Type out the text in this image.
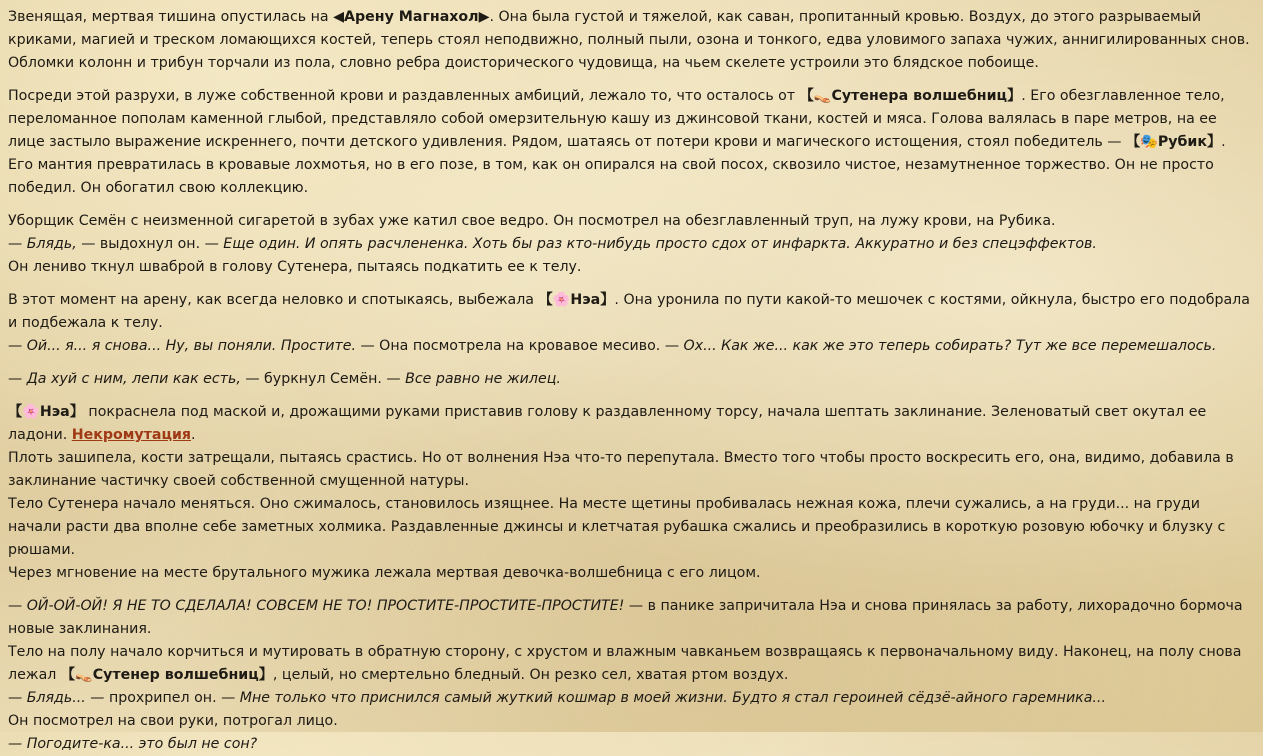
Звенящая, мертвая тишина опустилась на ◀Арену Магнахол▶. Она была густой и тяжелой, как саван, пропитанный кровью. Воздух, до этого разрываемый криками, магией и треском ломающихся костей, теперь стоял неподвижно, полный пыли, озона и тонкого, едва уловимого запаха чужих, аннигилированных снов. Обломки колонн и трибун торчали из пола, словно ребра доисторического чудовища, на чьем скелете устроили это блядское побоище.

Посреди этой разрухи, в луже собственной крови и раздавленных амбиций, лежало то, что осталось от 【👡Сутенера волшебниц】. Его обезглавленное тело, переломанное пополам каменной глыбой, представляло собой омерзительную кашу из джинсовой ткани, костей и мяса. Голова валялась в паре метров, на ее лице застыло выражение искреннего, почти детского удивления. Рядом, шатаясь от потери крови и магического истощения, стоял победитель — 【🎭Рубик】. Его мантия превратилась в кровавые лохмотья, но в его позе, в том, как он опирался на свой посох, сквозило чистое, незамутненное торжество. Он не просто победил. Он обогатил свою коллекцию.

Уборщик Семён с неизменной сигаретой в зубах уже катил свое ведро. Он посмотрел на обезглавленный труп, на лужу крови, на Рубика.
— Блядь, — выдохнул он. — Еще один. И опять расчлененка. Хоть бы раз кто-нибудь просто сдох от инфаркта. Аккуратно и без спецэффектов.
Он лениво ткнул шваброй в голову Сутенера, пытаясь подкатить ее к телу.

В этот момент на арену, как всегда неловко и спотыкаясь, выбежала 【🌸Нэа】. Она уронила по пути какой-то мешочек с костями, ойкнула, быстро его подобрала и подбежала к телу.
— Ой... я... я снова... Ну, вы поняли. Простите. — Она посмотрела на кровавое месиво. — Ох... Как же... как же это теперь собирать? Тут же все перемешалось.

— Да хуй с ним, лепи как есть, — буркнул Семён. — Все равно не жилец.

【🌸Нэа】 покраснела под маской и, дрожащими руками приставив голову к раздавленному торсу, начала шептать заклинание. Зеленоватый свет окутал ее ладони. Некромутация.
Плоть зашипела, кости затрещали, пытаясь срастись. Но от волнения Нэа что-то перепутала. Вместо того чтобы просто воскресить его, она, видимо, добавила в заклинание частичку своей собственной смущенной натуры.
Тело Сутенера начало меняться. Оно сжималось, становилось изящнее. На месте щетины пробивалась нежная кожа, плечи сужались, а на груди... на груди начали расти два вполне себе заметных холмика. Раздавленные джинсы и клетчатая рубашка сжались и преобразились в короткую розовую юбочку и блузку с рюшами.
Через мгновение на месте брутального мужика лежала мертвая девочка-волшебница с его лицом.

— ОЙ-ОЙ-ОЙ! Я НЕ ТО СДЕЛАЛА! СОВСЕМ НЕ ТО! ПРОСТИТЕ-ПРОСТИТЕ-ПРОСТИТЕ! — в панике запричитала Нэа и снова принялась за работу, лихорадочно бормоча новые заклинания.
Тело на полу начало корчиться и мутировать в обратную сторону, с хрустом и влажным чавканьем возвращаясь к первоначальному виду. Наконец, на полу снова лежал 【👡Сутенер волшебниц】, целый, но смертельно бледный. Он резко сел, хватая ртом воздух.
— Блядь... — прохрипел он. — Мне только что приснился самый жуткий кошмар в моей жизни. Будто я стал героиней сёдзё-айного гаремника...
Он посмотрел на свои руки, потрогал лицо.
— Погодите-ка... это был не сон?
